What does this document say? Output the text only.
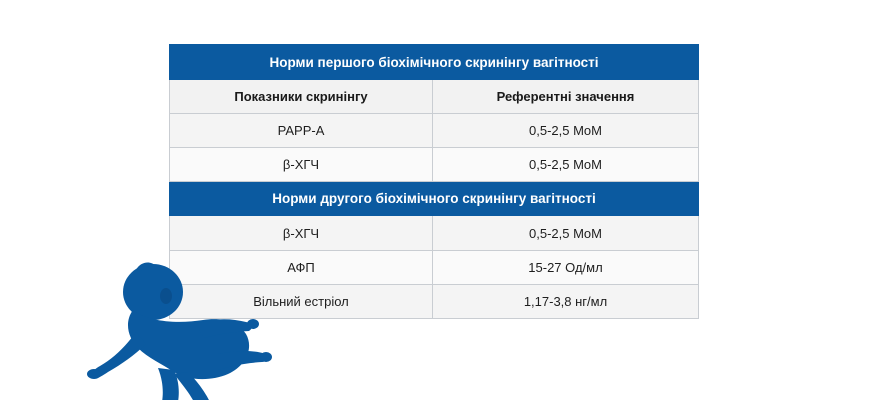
Норми першого біохімічного скринінгу вагітності	
Показники скринінгу	Референтні значення
PAPP-A	0,5-2,5 MoM
β-ХГЧ	0,5-2,5 MoM
Норми другого біохімічного скринінгу вагітності	
β-ХГЧ	0,5-2,5 MoM
АФП	15-27 Од/мл
Вільний естріол	1,17-3,8 нг/мл
